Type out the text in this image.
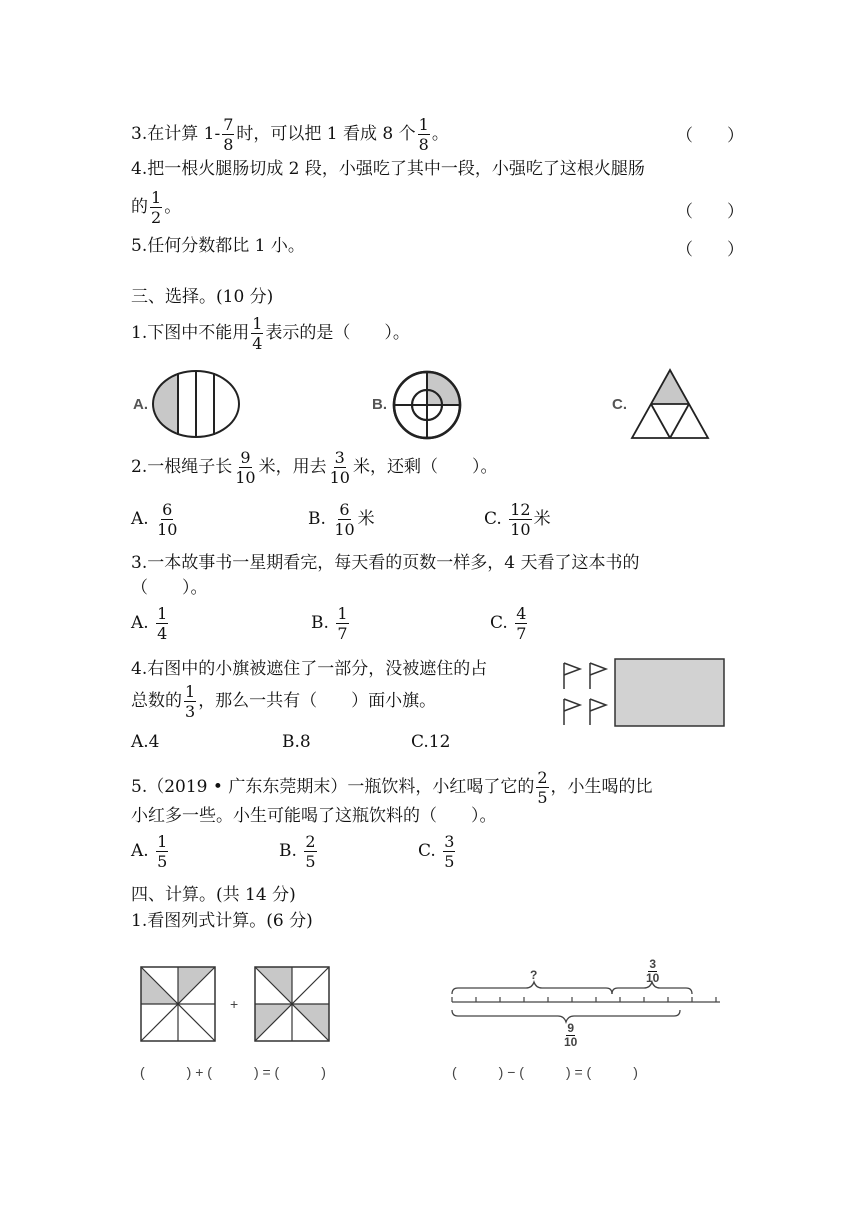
3.在计算 $1- \frac{7}{8}$ 时，可以把 1 看成 8 个 $\frac{1}{8}$ 。	（　　）
4.把一根火腿肠切成 2 段，小强吃了其中一段，小强吃了这根火腿肠
的 $\frac{1}{2}$ 。	（　　）
5.任何分数都比 1 小。	（　　）
三、选择。(10 分)
1.下图中不能用 $\frac{1}{4}$ 表示的是（　　）。
A.	B.	C.
2.一根绳子长 $\frac{9}{10}$ 米，用去 $\frac{3}{10}$ 米，还剩（　　）。
A. $\frac{6}{10}$	B. $\frac{6}{10}$ 米	C. $\frac{12}{10}$ 米
3.一本故事书一星期看完，每天看的页数一样多，4 天看了这本书的
（　　）。
A. $\frac{1}{4}$	B. $\frac{1}{7}$	C. $\frac{4}{7}$
4.右图中的小旗被遮住了一部分，没被遮住的占
总数的 $\frac{1}{3}$ ，那么一共有（　　）面小旗。
A.4	B.8	C.12
5.（2019 • 广东东莞期末）一瓶饮料，小红喝了它的 $\frac{2}{5}$ ，小生喝的比
小红多一些。小生可能喝了这瓶饮料的（　　）。
A. $\frac{1}{5}$	B. $\frac{2}{5}$	C. $\frac{3}{5}$
四、计算。(共 14 分)
1.看图列式计算。(6 分)
+
(　　　) + (　　　) = (　　　)
?	$\frac{3}{10}$
$\frac{9}{10}$
(　　　) − (　　　) = (　　　)
